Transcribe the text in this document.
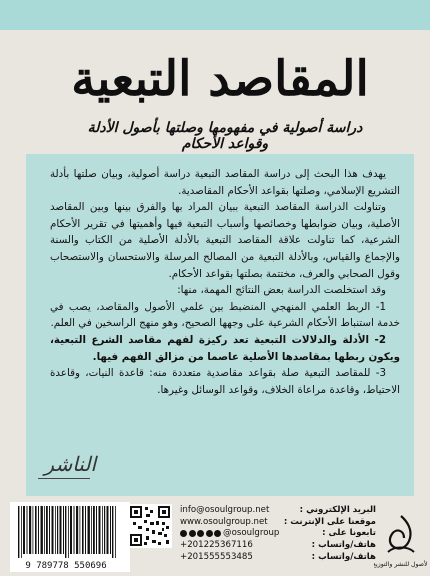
المقاصد التبعية
دراسة أصولية في مفهومها وصلتها بأصول الأدلة وقواعد الأحكام

يهدف هذا البحث إلى دراسة المقاصد التبعية دراسة أصولية، وبيان صلتها بأدلة التشريع الإسلامي، وصلتها بقواعد الأحكام المقاصدية.

وتناولت الدراسة المقاصد التبعية ببيان المراد بها والفرق بينها وبين المقاصد الأصلية، وبيان ضوابطها وخصائصها وأسباب التبعية فيها وأهميتها في تقرير الأحكام الشرعية، كما تناولت علاقة المقاصد التبعية بالأدلة الأصلية من الكتاب والسنة والإجماع والقياس، وبالأدلة التبعية من المصالح المرسلة والاستحسان والاستصحاب وقول الصحابي والعرف، مختتمة بصلتها بقواعد الأحكام.

وقد استخلصت الدراسة بعض النتائج المهمة، منها:

1- الربط العلمي المنهجي المنضبط بين علمي الأصول والمقاصد، يصب في خدمة استنباط الأحكام الشرعية على وجهها الصحيح، وهو منهج الراسخين في العلم.

2- الأدلة والدلالات التبعية تعد ركيزة لفهم مقاصد الشرع التبعية، ويكون ربطها بمقاصدها الأصلية عاصما من مزالق الفهم فيها.

3- للمقاصد التبعية صلة بقواعد مقاصدية متعددة منه: قاعدة النيات، وقاعدة الاحتياط، وقاعدة مراعاة الخلاف، وقواعد الوسائل وغيرها.

الناشر
9 789778 550696
info@osoulgroup.net	البريد الإلكتروني :
www.osoulgroup.net موقعنا على الإنترنت :
@osoulgroup	تابعونا على :
+201225367116	هاتف/واتساب :
+201555553485	هاتف/واتساب :
الأصول للنشر والتوزيع
